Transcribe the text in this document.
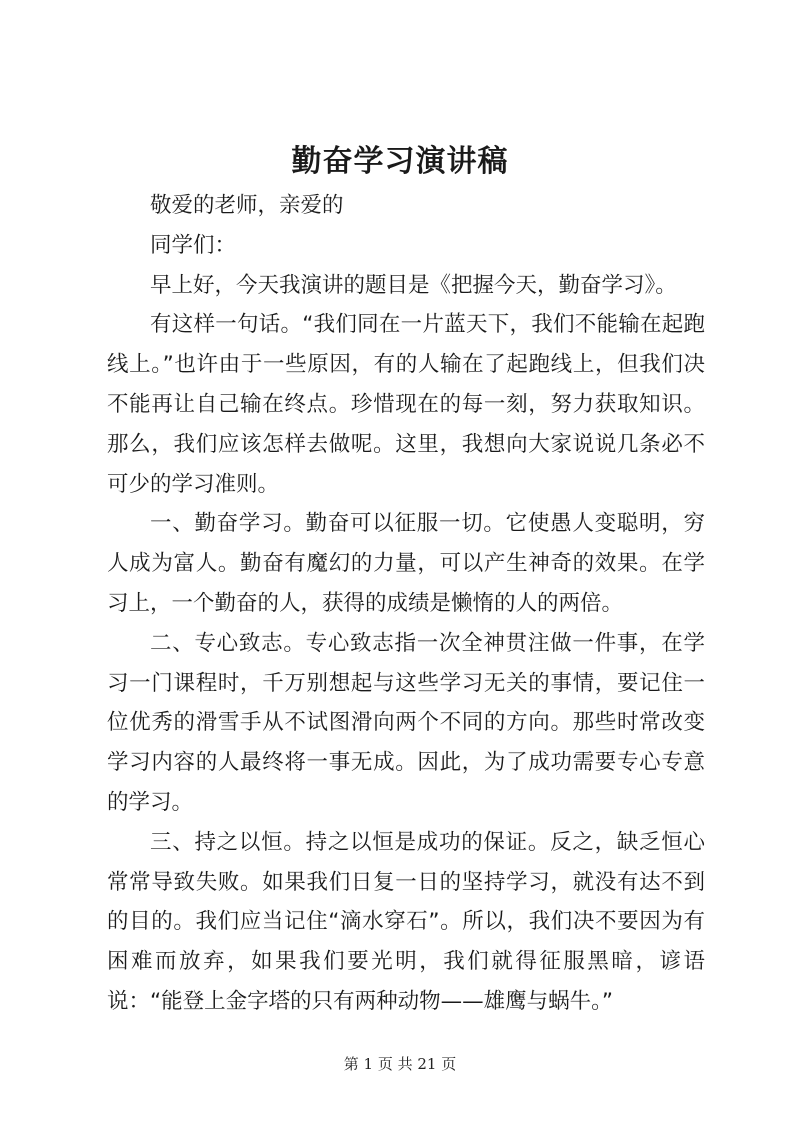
勤奋学习演讲稿

敬爱的老师，亲爱的

同学们：

早上好，今天我演讲的题目是《把握今天，勤奋学习》。

有这样一句话。“我们同在一片蓝天下，我们不能输在起跑线上。”也许由于一些原因，有的人输在了起跑线上，但我们决不能再让自己输在终点。珍惜现在的每一刻，努力获取知识。那么，我们应该怎样去做呢。这里，我想向大家说说几条必不可少的学习准则。

一、勤奋学习。勤奋可以征服一切。它使愚人变聪明，穷人成为富人。勤奋有魔幻的力量，可以产生神奇的效果。在学习上，一个勤奋的人，获得的成绩是懒惰的人的两倍。

二、专心致志。专心致志指一次全神贯注做一件事，在学习一门课程时，千万别想起与这些学习无关的事情，要记住一位优秀的滑雪手从不试图滑向两个不同的方向。那些时常改变学习内容的人最终将一事无成。因此，为了成功需要专心专意的学习。

三、持之以恒。持之以恒是成功的保证。反之，缺乏恒心常常导致失败。如果我们日复一日的坚持学习，就没有达不到的目的。我们应当记住“滴水穿石”。所以，我们决不要因为有困难而放弃，如果我们要光明，我们就得征服黑暗，谚语说：“能登上金字塔的只有两种动物——雄鹰与蜗牛。”

第 1 页 共 21 页
